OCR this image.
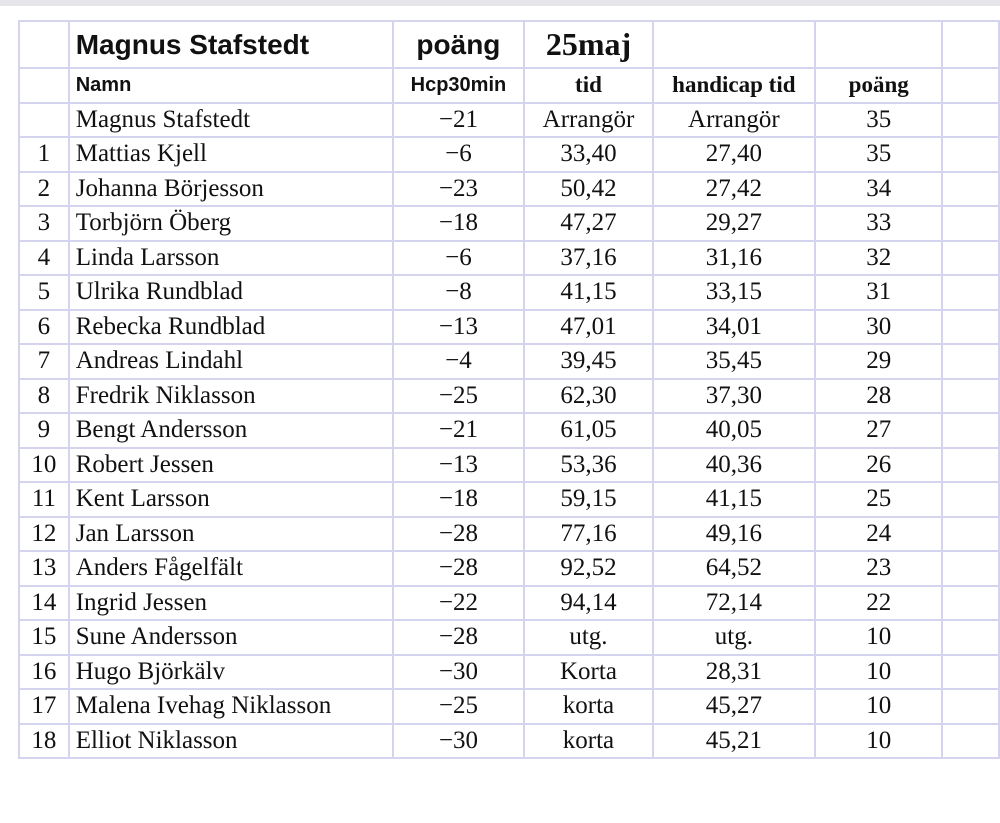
	Magnus Stafstedt	poäng	25maj			
	Namn	Hcp30min	tid	handicap tid	poäng	
	Magnus Stafstedt	−21	Arrangör	Arrangör	35	
1	Mattias Kjell	−6	33,40	27,40	35	
2	Johanna Börjesson	−23	50,42	27,42	34	
3	Torbjörn Öberg	−18	47,27	29,27	33	
4	Linda Larsson	−6	37,16	31,16	32	
5	Ulrika Rundblad	−8	41,15	33,15	31	
6	Rebecka Rundblad	−13	47,01	34,01	30	
7	Andreas Lindahl	−4	39,45	35,45	29	
8	Fredrik Niklasson	−25	62,30	37,30	28	
9	Bengt Andersson	−21	61,05	40,05	27	
10	Robert Jessen	−13	53,36	40,36	26	
11	Kent Larsson	−18	59,15	41,15	25	
12	Jan Larsson	−28	77,16	49,16	24	
13	Anders Fågelfält	−28	92,52	64,52	23	
14	Ingrid Jessen	−22	94,14	72,14	22	
15	Sune Andersson	−28	utg.	utg.	10	
16	Hugo Björkälv	−30	Korta	28,31	10	
17	Malena Ivehag Niklasson	−25	korta	45,27	10	
18	Elliot Niklasson	−30	korta	45,21	10	
